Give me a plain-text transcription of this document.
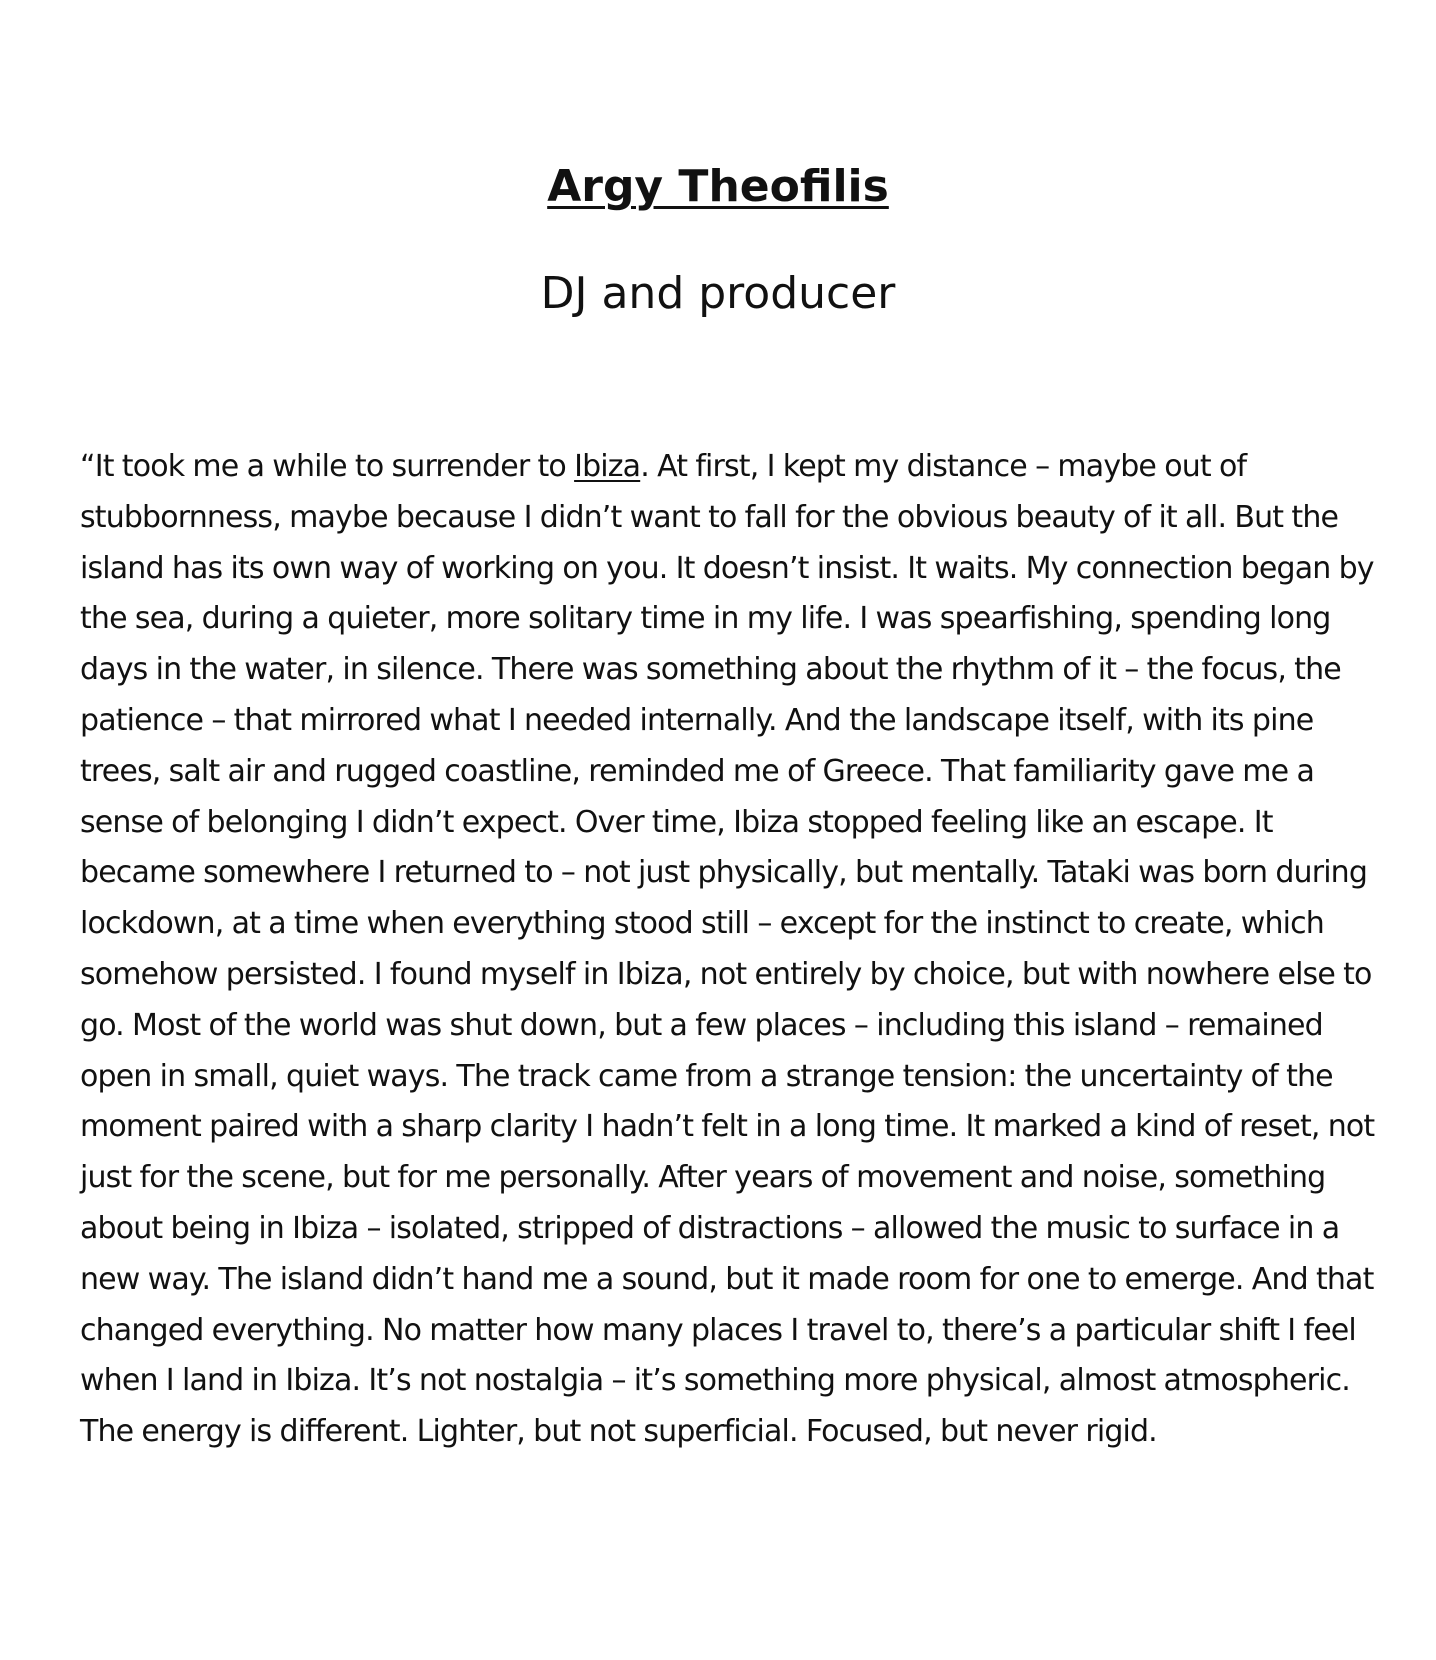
Argy Theofilis
DJ and producer

“It took me a while to surrender to Ibiza. At first, I kept my distance – maybe out of stubbornness, maybe because I didn’t want to fall for the obvious beauty of it all. But the island has its own way of working on you. It doesn’t insist. It waits. My connection began by the sea, during a quieter, more solitary time in my life. I was spearfishing, spending long days in the water, in silence. There was something about the rhythm of it – the focus, the patience – that mirrored what I needed internally. And the landscape itself, with its pine trees, salt air and rugged coastline, reminded me of Greece. That familiarity gave me a sense of belonging I didn’t expect. Over time, Ibiza stopped feeling like an escape. It became somewhere I returned to – not just physically, but mentally. Tataki was born during lockdown, at a time when everything stood still – except for the instinct to create, which somehow persisted. I found myself in Ibiza, not entirely by choice, but with nowhere else to go. Most of the world was shut down, but a few places – including this island – remained open in small, quiet ways. The track came from a strange tension: the uncertainty of the moment paired with a sharp clarity I hadn’t felt in a long time. It marked a kind of reset, not just for the scene, but for me personally. After years of movement and noise, something about being in Ibiza – isolated, stripped of distractions – allowed the music to surface in a new way. The island didn’t hand me a sound, but it made room for one to emerge. And that changed everything. No matter how many places I travel to, there’s a particular shift I feel when I land in Ibiza. It’s not nostalgia – it’s something more physical, almost atmospheric. The energy is different. Lighter, but not superficial. Focused, but never rigid.
